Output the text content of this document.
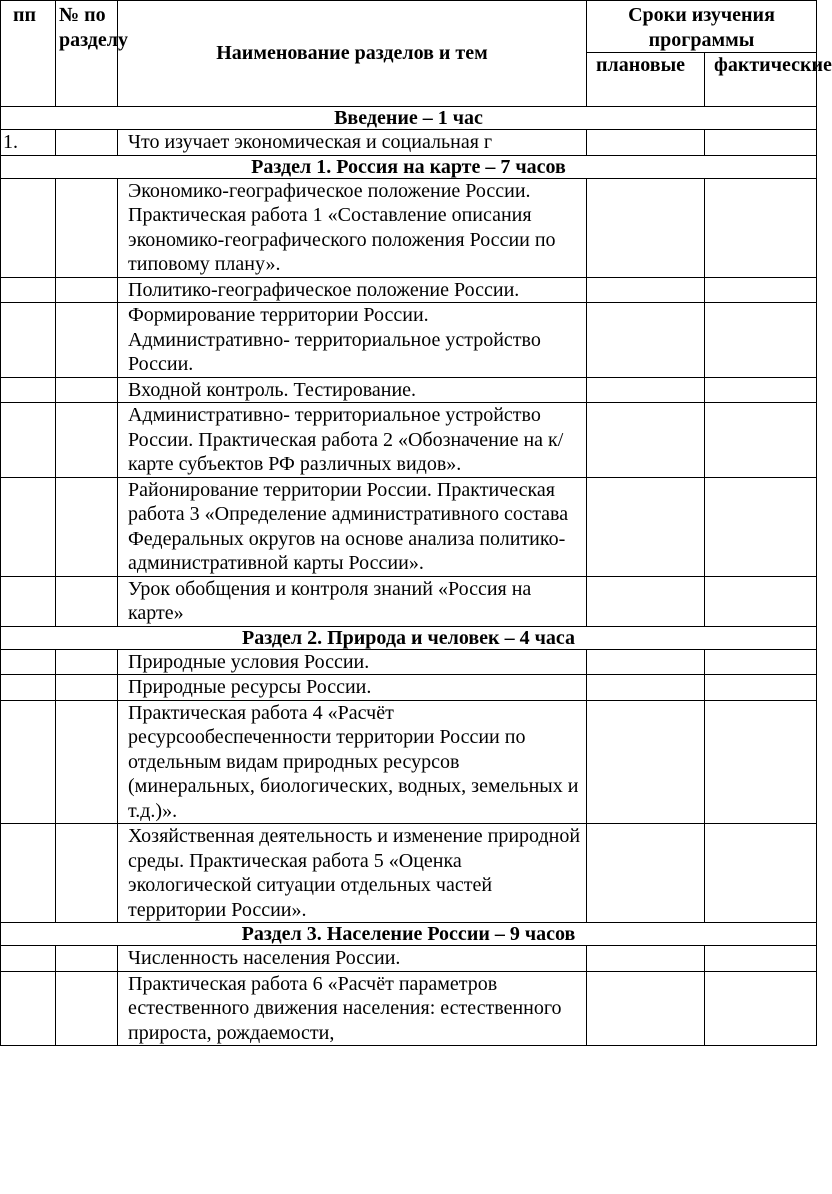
пп	№ по разделу	Наименование разделов и тем	Сроки изучения программы	
			плановые	фактические
Введение – 1 час				
1.		Что изучает экономическая и социальная г		
Раздел 1. Россия на карте – 7 часов				
		Экономико-географическое положение России. Практическая работа 1 «Составление описания экономико-географического положения России по типовому плану».		
		Политико-географическое положение России.		
		Формирование территории России. Административно- территориальное устройство России.		
		Входной контроль. Тестирование.		
		Административно- территориальное устройство России. Практическая работа 2 «Обозначение на к/карте субъектов РФ различных видов».		
		Районирование территории России. Практическая работа 3 «Определение административного состава Федеральных округов на основе анализа политико-административной карты России».		
		Урок обобщения и контроля знаний «Россия на карте»		
Раздел 2. Природа и человек – 4 часа				
		Природные условия России.		
		Природные ресурсы России.		
		Практическая работа 4 «Расчёт ресурсообеспеченности территории России по отдельным видам природных ресурсов (минеральных, биологических, водных, земельных и т.д.)».		
		Хозяйственная деятельность и изменение природной среды. Практическая работа 5 «Оценка экологической ситуации отдельных частей территории России».		
Раздел 3. Население России – 9 часов				
		Численность населения России.		
		Практическая работа 6 «Расчёт параметров естественного движения населения: естественного прироста, рождаемости,		
